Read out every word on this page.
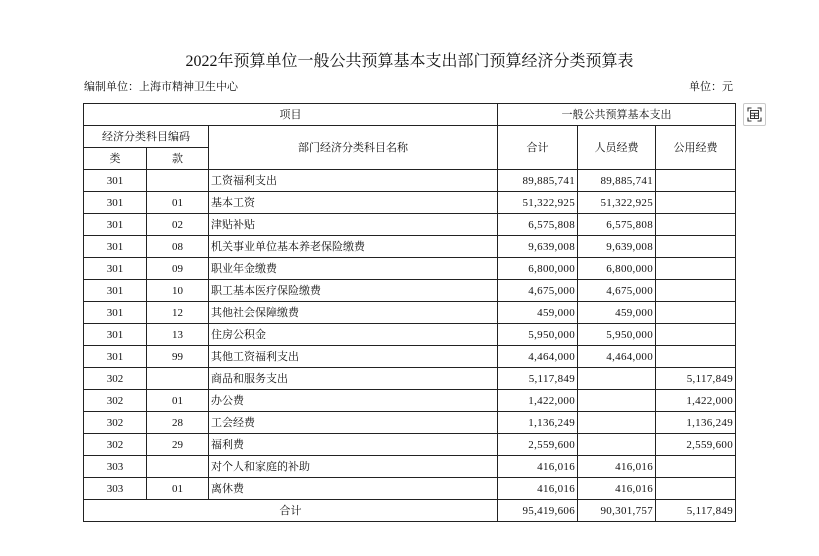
2022年预算单位一般公共预算基本支出部门预算经济分类预算表
编制单位：上海市精神卫生中心	单位：元
项目			一般公共预算基本支出		
经济分类科目编码		部门经济分类科目名称	合计	人员经费	公用经费
类	款				
301		工资福利支出	89,885,741	89,885,741	
301	01	基本工资	51,322,925	51,322,925	
301	02	津贴补贴	6,575,808	6,575,808	
301	08	机关事业单位基本养老保险缴费	9,639,008	9,639,008	
301	09	职业年金缴费	6,800,000	6,800,000	
301	10	职工基本医疗保险缴费	4,675,000	4,675,000	
301	12	其他社会保障缴费	459,000	459,000	
301	13	住房公积金	5,950,000	5,950,000	
301	99	其他工资福利支出	4,464,000	4,464,000	
302		商品和服务支出	5,117,849		5,117,849
302	01	办公费	1,422,000		1,422,000
302	28	工会经费	1,136,249		1,136,249
302	29	福利费	2,559,600		2,559,600
303		对个人和家庭的补助	416,016	416,016	
303	01	离休费	416,016	416,016	
合计			95,419,606	90,301,757	5,117,849
